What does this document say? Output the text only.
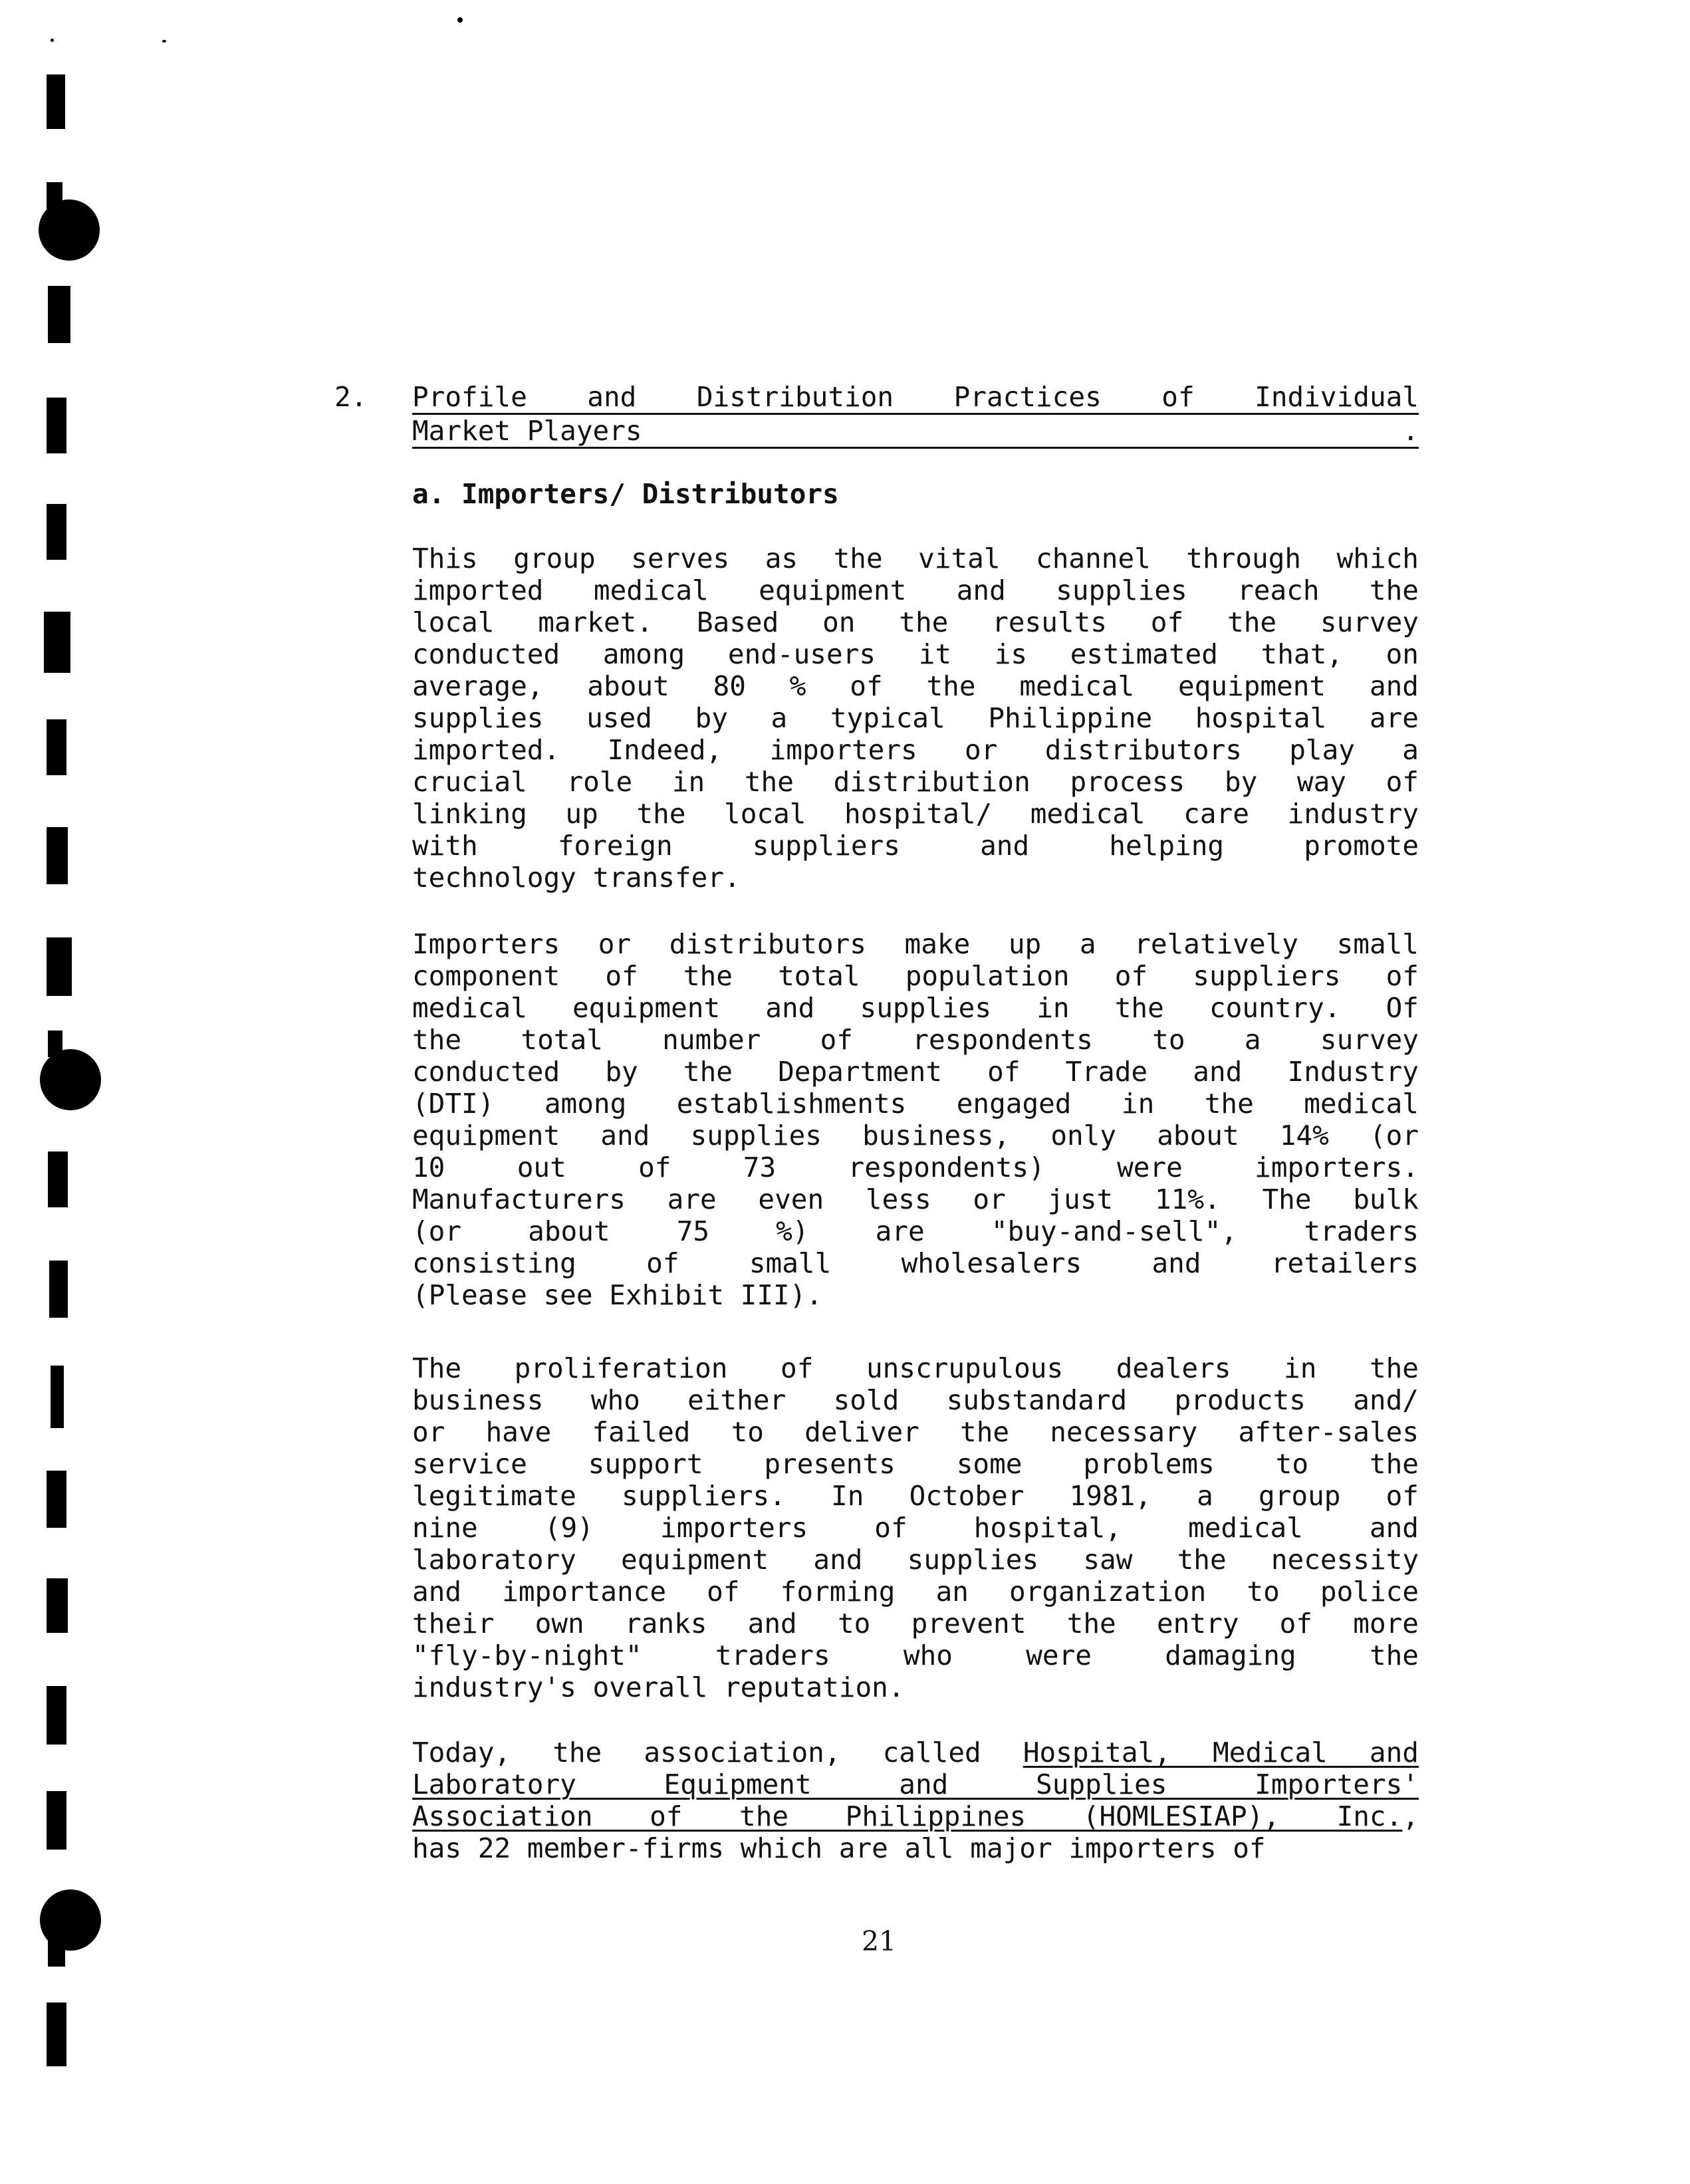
2. Profile and Distribution Practices of Individual
Market Players	.
a. Importers/ Distributors
This group serves as the vital channel through which
imported medical equipment and supplies reach the
local market. Based on the results of the survey
conducted among end-users it is estimated that, on
average, about 80 % of the medical equipment and
supplies used by a typical Philippine hospital are
imported. Indeed, importers or distributors play a
crucial role in the distribution process by way of
linking up the local hospital/ medical care industry
with foreign suppliers and helping promote
technology transfer.
Importers or distributors make up a relatively small
component of the total population of suppliers of
medical equipment and supplies in the country. Of
the total number of respondents to a survey
conducted by the Department of Trade and Industry
(DTI) among establishments engaged in the medical
equipment and supplies business, only about 14% (or
10 out of 73 respondents) were importers.
Manufacturers are even less or just 11%. The bulk
(or about 75 %) are "buy-and-sell", traders
consisting of small wholesalers and retailers
(Please see Exhibit III).
The proliferation of unscrupulous dealers in the
business who either sold substandard products and/
or have failed to deliver the necessary after-sales
service support presents some problems to the
legitimate suppliers. In October 1981, a group of
nine (9) importers of hospital, medical and
laboratory equipment and supplies saw the necessity
and importance of forming an organization to police
their own ranks and to prevent the entry of more
"fly-by-night" traders who were damaging the
industry's overall reputation.
Today, the association, called Hospital, Medical and
Laboratory Equipment and Supplies Importers'
Association of the Philippines (HOMLESIAP), Inc.,
has 22 member-firms which are all major importers of
21
